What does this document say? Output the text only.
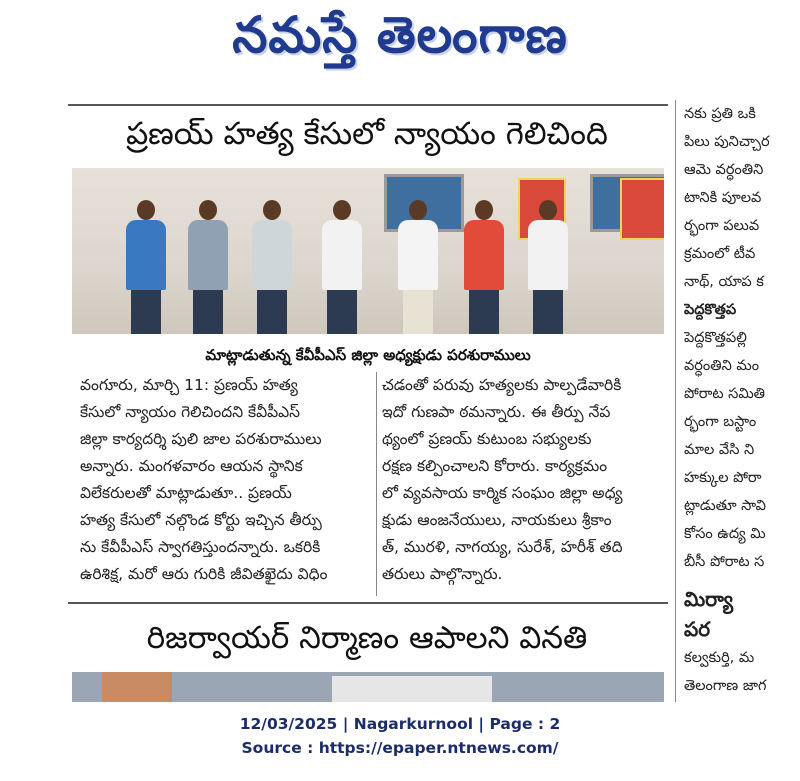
నమస్తే తెలంగాణ
ప్రణయ్ హత్య కేసులో న్యాయం గెలిచింది
మాట్లాడుతున్న కేవీపీఎస్ జిల్లా అధ్యక్షుడు పరశురాములు
వంగూరు, మార్చి 11: ప్రణయ్ హత్య
కేసులో న్యాయం గెలిచిందని కేవీపీఎస్
జిల్లా కార్యదర్శి పులి జాల పరశురాములు
అన్నారు. మంగళవారం ఆయన స్థానిక
విలేకరులతో మాట్లాడుతూ.. ప్రణయ్
హత్య కేసులో నల్గొండ కోర్టు ఇచ్చిన తీర్పు
ను కేవీపీఎస్ స్వాగతిస్తుందన్నారు. ఒకరికి
ఉరిశిక్ష, మరో ఆరు గురికి జీవితఖైదు విధిం
చడంతో పరువు హత్యలకు పాల్పడేవారికి
ఇదో గుణపా ఠమన్నారు. ఈ తీర్పు నేప
థ్యంలో ప్రణయ్ కుటుంబ సభ్యులకు
రక్షణ కల్పించాలని కోరారు. కార్యక్రమం
లో వ్యవసాయ కార్మిక సంఘం జిల్లా అధ్య
క్షుడు ఆంజనేయులు, నాయకులు శ్రీకాం
త్, మురళి, నాగయ్య, సురేశ్, హరీశ్ తది
తరులు పాల్గొన్నారు.
రిజర్వాయర్ నిర్మాణం ఆపాలని వినతి
నకు ప్రతి ఒకి
పిలు పునిచ్చార
ఆమె వర్ధంతిని
టానికి పూలవ
ర్భంగా పలువ
క్రమంలో టీవ
నాథ్, యాప క
పెద్దకొత్తప
పెద్దకొత్తపల్లి
వర్ధంతిని మం
పోరాట సమితి
ర్భంగా బస్టాం
మాల వేసి ని
హక్కుల పోరా
ట్లాడుతూ సావి
కోసం ఉద్య మి
బీసీ పోరాట స
మిర్యా
పర
కల్వకుర్తి, మ
తెలంగాణ జాగ
12/03/2025 | Nagarkurnool | Page : 2
Source : https://epaper.ntnews.com/
